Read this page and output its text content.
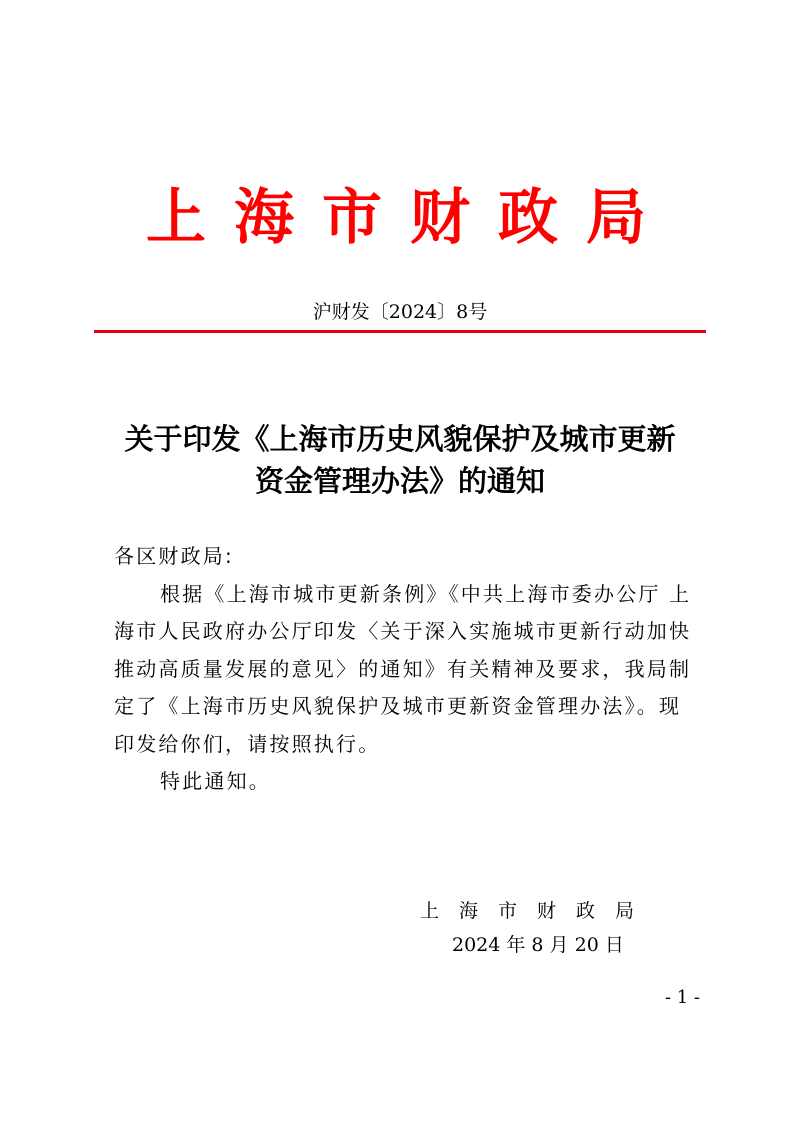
上海市财政局
沪财发〔2024〕8号
关于印发《上海市历史风貌保护及城市更新
资金管理办法》的通知
各区财政局:
根据《上海市城市更新条例》《中共上海市委办公厅 上
海市人民政府办公厅印发〈关于深入实施城市更新行动加快
推动高质量发展的意见〉的通知》有关精神及要求，我局制
定了《上海市历史风貌保护及城市更新资金管理办法》。现
印发给你们，请按照执行。
特此通知。
上海市财政局
2024 年 8 月 20 日
- 1 -
